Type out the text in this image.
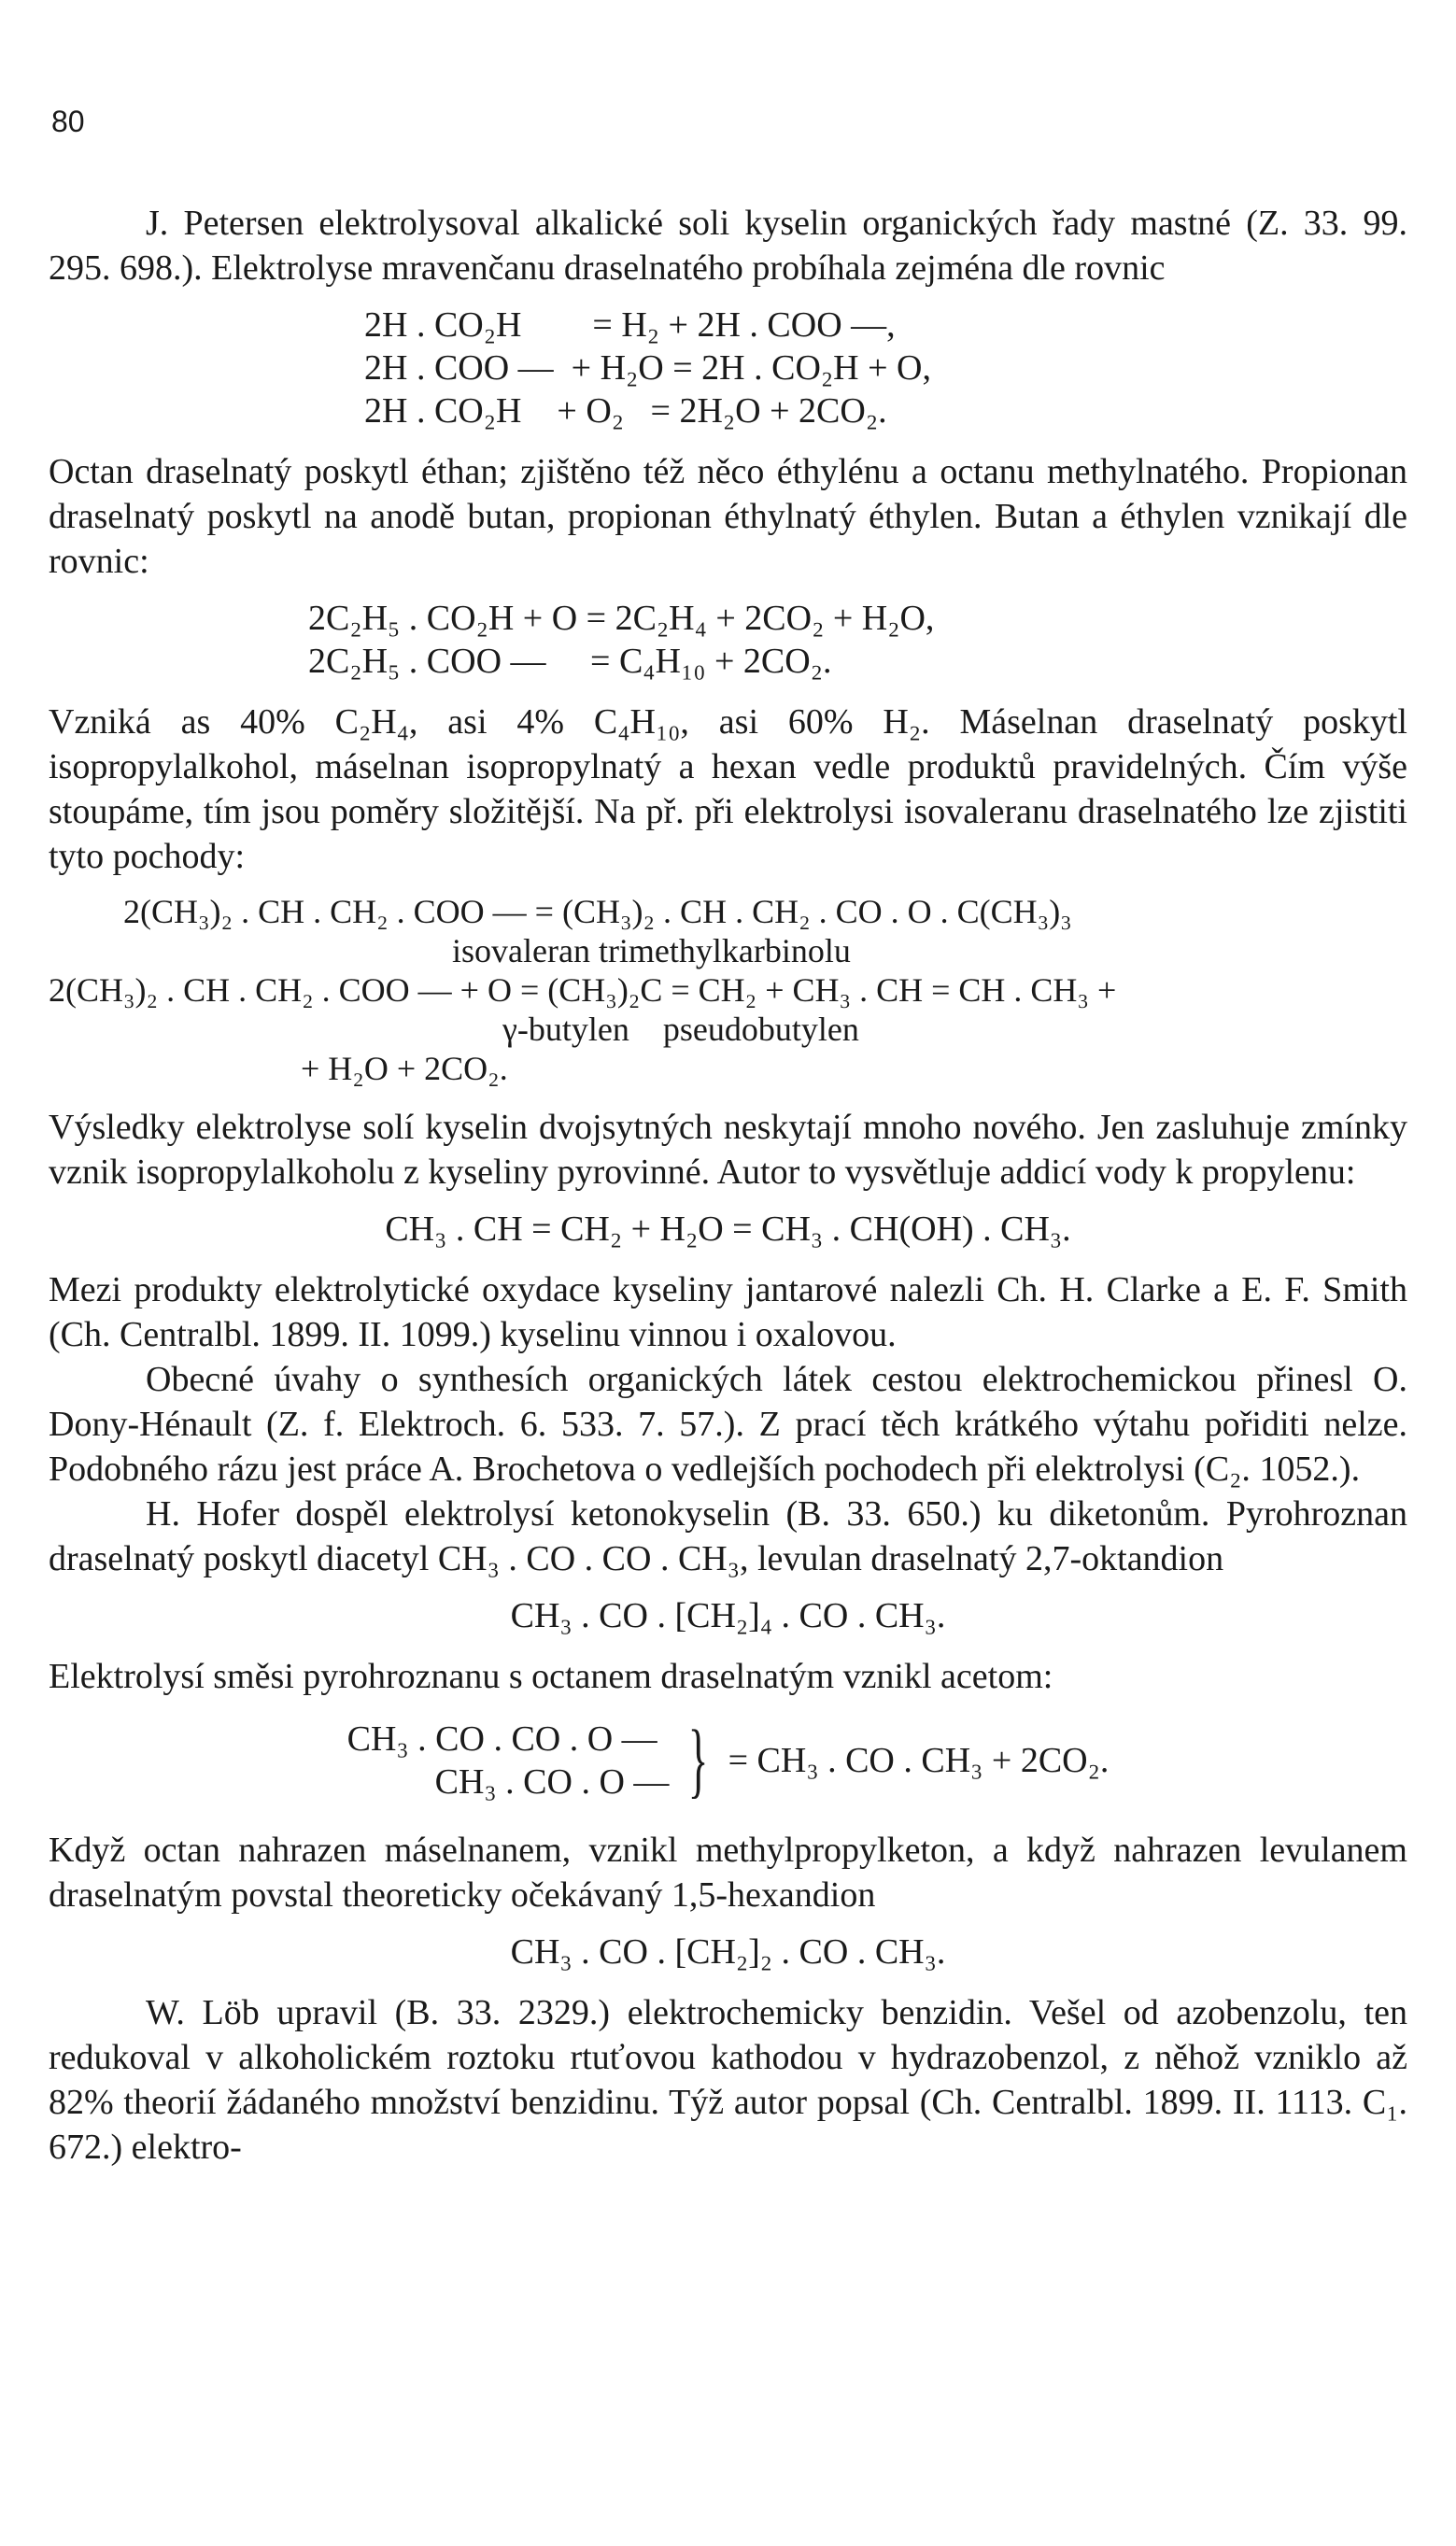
80

J. Petersen elektrolysoval alkalické soli kyselin organických řady mastné (Z. 33. 99. 295. 698.). Elektrolyse mravenčanu draselnatého probíhala zejména dle rovnic

2H . CO₂H        = H₂ + 2H . COO —,
2H . COO —  + H₂O = 2H . CO₂H + O,
2H . CO₂H    + O₂   = 2H₂O + 2CO₂.

Octan draselnatý poskytl éthan; zjištěno též něco éthylénu a octanu methylnatého. Propionan draselnatý poskytl na anodě butan, propionan éthylnatý éthylen. Butan a éthylen vznikají dle rovnic:

2C₂H₅ . CO₂H + O = 2C₂H₄ + 2CO₂ + H₂O,
2C₂H₅ . COO —     = C₄H₁₀ + 2CO₂.

Vzniká as 40% C₂H₄, asi 4% C₄H₁₀, asi 60% H₂. Máselnan draselnatý poskytl isopropylalkohol, máselnan isopropylnatý a hexan vedle produktů pravidelných. Čím výše stoupáme, tím jsou poměry složitější. Na př. při elektrolysi isovaleranu draselnatého lze zjistiti tyto pochody:

2(CH₃)₂ . CH . CH₂ . COO — = (CH₃)₂ . CH . CH₂ . CO . O . C(CH₃)₃
isovaleran trimethylkarbinolu
2(CH₃)₂ . CH . CH₂ . COO — + O = (CH₃)₂C = CH₂ + CH₃ . CH = CH . CH₃ +
γ-butylen    pseudobutylen
+ H₂O + 2CO₂.

Výsledky elektrolyse solí kyselin dvojsytných neskytají mnoho nového. Jen zasluhuje zmínky vznik isopropylalkoholu z kyseliny pyrovinné. Autor to vysvětluje addicí vody k propylenu:

CH₃ . CH = CH₂ + H₂O = CH₃ . CH(OH) . CH₃.

Mezi produkty elektrolytické oxydace kyseliny jantarové nalezli Ch. H. Clarke a E. F. Smith (Ch. Centralbl. 1899. II. 1099.) kyselinu vinnou i oxalovou.

Obecné úvahy o synthesích organických látek cestou elektrochemickou přinesl O. Dony-Hénault (Z. f. Elektroch. 6. 533. 7. 57.). Z prací těch krátkého výtahu pořiditi nelze. Podobného rázu jest práce A. Brochetova o vedlejších pochodech při elektrolysi (C₂. 1052.).

H. Hofer dospěl elektrolysí ketonokyselin (B. 33. 650.) ku diketonům. Pyrohroznan draselnatý poskytl diacetyl CH₃ . CO . CO . CH₃, levulan draselnatý 2,7-oktandion

CH₃ . CO . [CH₂]₄ . CO . CH₃.

Elektrolysí směsi pyrohroznanu s octanem draselnatým vznikl acetom:

CH₃ . CO . CO . O —
CH₃ . CO . O — } = CH₃ . CO . CH₃ + 2CO₂.

Když octan nahrazen máselnanem, vznikl methylpropylketon, a když nahrazen levulanem draselnatým povstal theoreticky očekávaný 1,5-hexandion

CH₃ . CO . [CH₂]₂ . CO . CH₃.

W. Löb upravil (B. 33. 2329.) elektrochemicky benzidin. Vešel od azobenzolu, ten redukoval v alkoholickém roztoku rtuťovou kathodou v hydrazobenzol, z něhož vzniklo až 82% theorií žádaného množství benzidinu. Týž autor popsal (Ch. Centralbl. 1899. II. 1113. C₁. 672.) elektro-
